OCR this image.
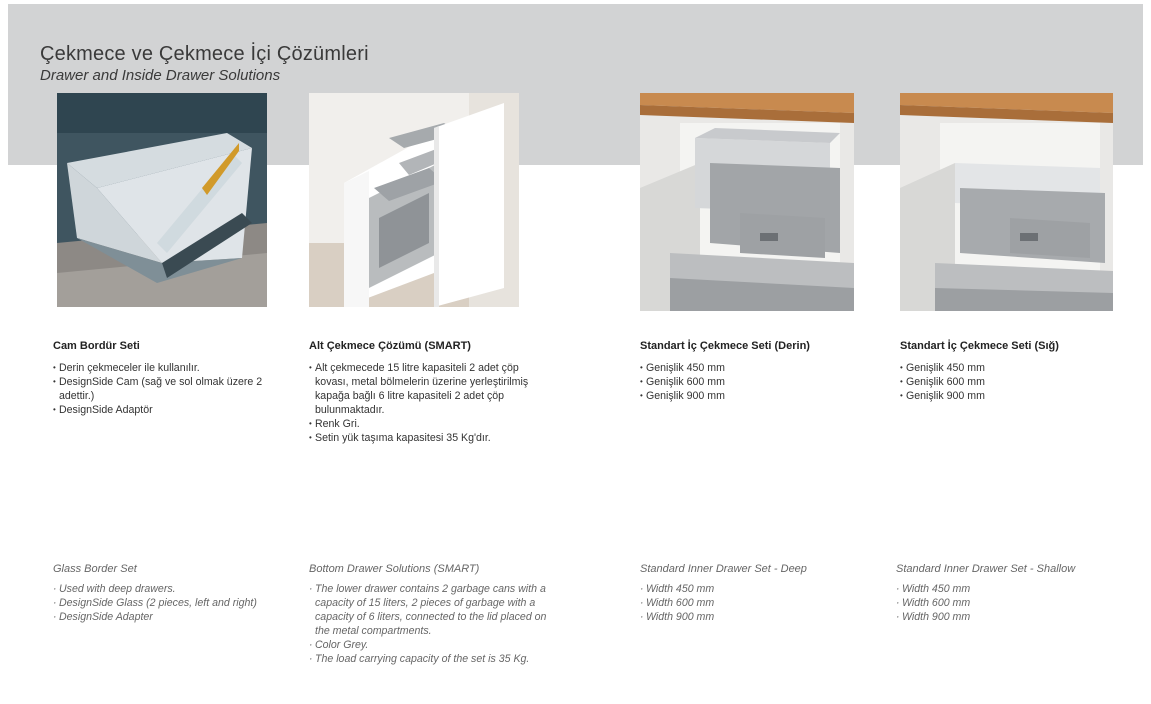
Çekmece ve Çekmece İçi Çözümleri
Drawer and Inside Drawer Solutions
Cam Bordür Seti
• Derin çekmeceler ile kullanılır.
• DesignSide Cam (sağ ve sol olmak üzere 2 adettir.)
• DesignSide Adaptör
Glass Border Set
· Used with deep drawers.
· DesignSide Glass (2 pieces, left and right)
· DesignSide Adapter
Alt Çekmece Çözümü (SMART)
• Alt çekmecede 15 litre kapasiteli 2 adet çöp kovası, metal bölmelerin üzerine yerleştirilmiş kapağa bağlı 6 litre kapasiteli 2 adet çöp bulunmaktadır.
• Renk Gri.
• Setin yük taşıma kapasitesi 35 Kg'dır.
Bottom Drawer Solutions (SMART)
· The lower drawer contains 2 garbage cans with a capacity of 15 liters, 2 pieces of garbage with a capacity of 6 liters, connected to the lid placed on the metal compartments.
· Color Grey.
· The load carrying capacity of the set is 35 Kg.
Standart İç Çekmece Seti (Derin)
• Genişlik 450 mm
• Genişlik 600 mm
• Genişlik 900 mm
Standard Inner Drawer Set - Deep
· Width 450 mm
· Width 600 mm
· Width 900 mm
Standart İç Çekmece Seti (Sığ)
• Genişlik 450 mm
• Genişlik 600 mm
• Genişlik 900 mm
Standard Inner Drawer Set - Shallow
· Width 450 mm
· Width 600 mm
· Width 900 mm
